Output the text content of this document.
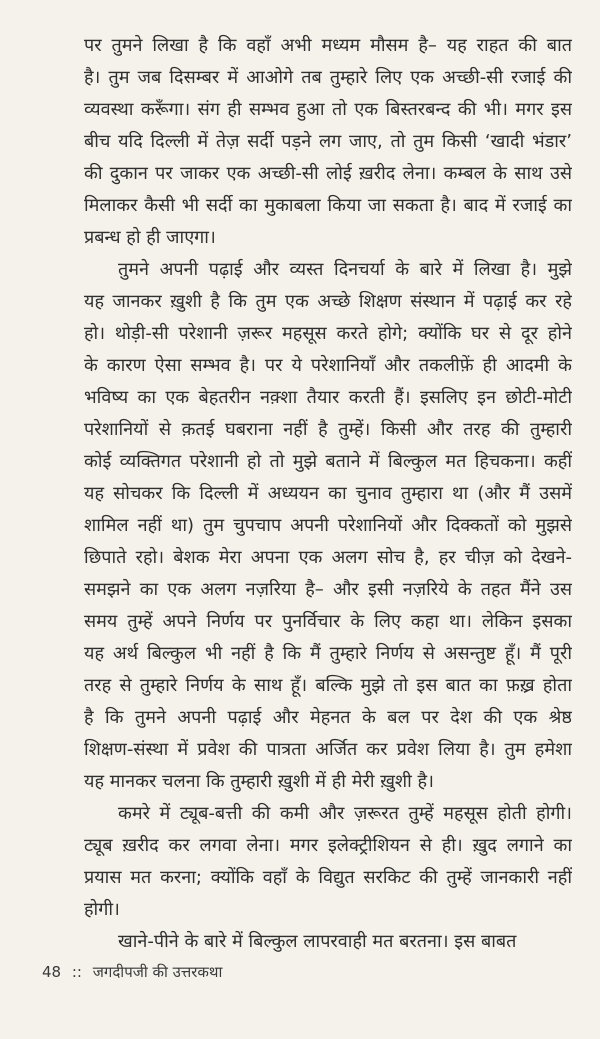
पर तुमने लिखा है कि वहाँ अभी मध्यम मौसम है– यह राहत की बात
है। तुम जब दिसम्बर में आओगे तब तुम्हारे लिए एक अच्छी-सी रजाई की
व्यवस्था करूँगा। संग ही सम्भव हुआ तो एक बिस्तरबन्द की भी। मगर इस
बीच यदि दिल्ली में तेज़ सर्दी पड़ने लग जाए, तो तुम किसी ‘खादी भंडार’
की दुकान पर जाकर एक अच्छी-सी लोई ख़रीद लेना। कम्बल के साथ उसे
मिलाकर कैसी भी सर्दी का मुकाबला किया जा सकता है। बाद में रजाई का
प्रबन्ध हो ही जाएगा।
तुमने अपनी पढ़ाई और व्यस्त दिनचर्या के बारे में लिखा है। मुझे
यह जानकर ख़ुशी है कि तुम एक अच्छे शिक्षण संस्थान में पढ़ाई कर रहे
हो। थोड़ी-सी परेशानी ज़रूर महसूस करते होगे; क्योंकि घर से दूर होने
के कारण ऐसा सम्भव है। पर ये परेशानियाँ और तकलीफ़ें ही आदमी के
भविष्य का एक बेहतरीन नक़्शा तैयार करती हैं। इसलिए इन छोटी-मोटी
परेशानियों से क़तई घबराना नहीं है तुम्हें। किसी और तरह की तुम्हारी
कोई व्यक्तिगत परेशानी हो तो मुझे बताने में बिल्कुल मत हिचकना। कहीं
यह सोचकर कि दिल्ली में अध्ययन का चुनाव तुम्हारा था (और मैं उसमें
शामिल नहीं था) तुम चुपचाप अपनी परेशानियों और दिक्कतों को मुझसे
छिपाते रहो। बेशक मेरा अपना एक अलग सोच है, हर चीज़ को देखने-
समझने का एक अलग नज़रिया है– और इसी नज़रिये के तहत मैंने उस
समय तुम्हें अपने निर्णय पर पुनर्विचार के लिए कहा था। लेकिन इसका
यह अर्थ बिल्कुल भी नहीं है कि मैं तुम्हारे निर्णय से असन्तुष्ट हूँ। मैं पूरी
तरह से तुम्हारे निर्णय के साथ हूँ। बल्कि मुझे तो इस बात का फ़ख़्र होता
है कि तुमने अपनी पढ़ाई और मेहनत के बल पर देश की एक श्रेष्ठ
शिक्षण-संस्था में प्रवेश की पात्रता अर्जित कर प्रवेश लिया है। तुम हमेशा
यह मानकर चलना कि तुम्हारी ख़ुशी में ही मेरी ख़ुशी है।
कमरे में ट्यूब-बत्ती की कमी और ज़रूरत तुम्हें महसूस होती होगी।
ट्यूब ख़रीद कर लगवा लेना। मगर इलेक्ट्रीशियन से ही। ख़ुद लगाने का
प्रयास मत करना; क्योंकि वहाँ के विद्युत सरकिट की तुम्हें जानकारी नहीं
होगी।
खाने-पीने के बारे में बिल्कुल लापरवाही मत बरतना। इस बाबत
48 :: जगदीपजी की उत्तरकथा
